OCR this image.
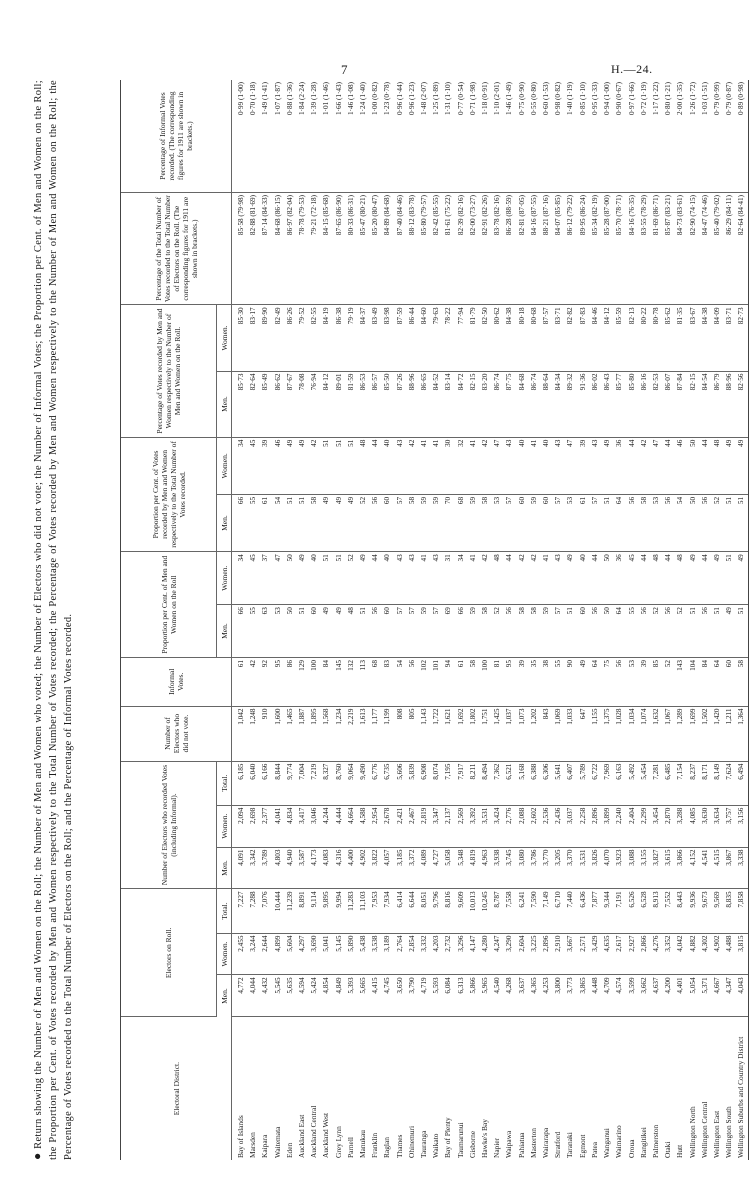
7	H.—24.
● Return showing the Number of Men and Women on the Roll; the Number of Men and Women who voted; the Number of Electors who did not vote; the Number of Informal Votes; the Proportion per Cent. of Men and Women on the Roll; the Proportion per Cent. of Votes recorded by Men and Women respectively to the Total Number of Votes recorded; the Percentage of Votes recorded by Men and Women respectively to the Number of Men and Women on the Roll; the Percentage of Votes recorded to the Total Number of Electors on the Roll; and the Percentage of Informal Votes recorded.	Electoral District.	Electors on Roll.			Number of Electors who recorded Votes (including Informal).			Number of Electors who did not vote.	Informal Votes.	Proportion per Cent. of Men and Women on the Roll		Proportion per Cent. of Votes recorded by Men and Women respectively to the Total Number of Votes recorded.		Percentage of Votes recorded by Men and Women respectively to the Number of Men and Women on the Roll.		Percentage of the Total Number of Votes recorded to the Total Number of Electors on the Roll. (The corresponding figures for 1911 are shown in brackets.)	Percentage of Informal Votes recorded. (The corresponding figures for 1911 are shown in brackets.)
	Men.	Women.	Total.	Men.	Women.	Total.			Men.	Women.	Men.	Women.	Men.	Women.		
Bay of Islands	4,772	2,455	7,227	4,091	2,094	6,185	1,042	61	66	34	66	34	85·73	85·30	85·58 (79·98)	0·99 (1·00)
Marsden	4,044	3,244	7,288	3,342	2,698	6,040	1,248	42	55	45	55	45	82·64	83·17	82·88 (81·69)	0·70 (1·18)
Kaipara	4,432	2,644	7,076	3,789	2,377	6,166	910	92	63	37	61	39	85·49	89·90	87·14 (84·33)	1·49 (1·41)
Waitemata	5,545	4,899	10,444	4,803	4,041	8,844	1,600	95	53	47	54	46	86·62	82·49	84·68 (86·15)	1·07 (1·87)
Eden	5,635	5,604	11,239	4,940	4,834	9,774	1,465	86	50	50	51	49	87·67	86·26	86·97 (82·04)	0·88 (1·36)
Auckland East	4,594	4,297	8,891	3,587	3,417	7,004	1,887	129	51	49	51	49	78·08	79·52	78·78 (79·53)	1·84 (2·24)
Auckland Central	5,424	3,690	9,114	4,173	3,046	7,219	1,895	100	60	40	58	42	76·94	82·55	79·21 (72·18)	1·39 (1·28)
Auckland West	4,854	5,041	9,895	4,083	4,244	8,327	1,568	84	49	51	49	51	84·12	84·19	84·15 (85·68)	1·01 (1·46)
Grey Lynn	4,849	5,145	9,994	4,316	4,444	8,760	1,234	145	49	51	49	51	89·01	86·38	87·65 (86·90)	1·66 (1·43)
Parnell	5,393	5,890	11,283	4,400	4,664	9,064	2,219	132	48	52	49	51	81·59	79·19	80·33 (86·31)	1·46 (1·08)
Manukau	5,665	5,438	11,103	4,902	4,588	9,490	1,613	113	51	49	52	48	86·53	84·37	85·47 (80·21)	1·24 (1·40)
Franklin	4,415	3,538	7,953	3,822	2,954	6,776	1,177	68	56	44	56	44	86·57	83·49	85·20 (80·47)	1·00 (0·82)
Raglan	4,745	3,189	7,934	4,057	2,678	6,735	1,199	83	60	40	60	40	85·50	83·98	84·89 (84·68)	1·23 (0·78)
Thames	3,650	2,764	6,414	3,185	2,421	5,606	808	54	57	43	57	43	87·26	87·59	87·40 (84·46)	0·96 (1·44)
Ohinemuri	3,790	2,854	6,644	3,372	2,467	5,839	805	56	57	43	58	42	88·96	86·44	88·12 (83·78)	0·96 (1·23)
Tauranga	4,719	3,332	8,051	4,089	2,819	6,908	1,143	102	59	41	59	41	86·65	84·60	85·80 (79·57)	1·48 (2·07)
Waikato	5,593	4,203	9,796	4,727	3,347	8,074	1,722	101	57	43	59	41	84·52	79·63	82·42 (85·55)	1·25 (1·89)
Bay of Plenty	6,084	2,732	8,816	5,058	2,137	7,195	1,621	94	69	31	70	30	83·14	78·22	81·61 (75·22)	1·31 (1·10)
Taumarunui	6,313	3,296	9,609	5,348	2,569	7,917	1,692	61	66	34	68	32	84·72	77·94	82·39 (82·16)	0·77 (0·54)
Gisborne	5,866	4,147	10,013	4,819	3,392	8,211	1,802	58	59	41	59	41	82·15	81·79	82·00 (73·27)	0·71 (1·98)
Hawke's Bay	5,965	4,280	10,245	4,963	3,531	8,494	1,751	100	58	42	58	42	83·20	82·50	82·91 (82·26)	1·18 (0·91)
Napier	4,540	4,247	8,787	3,938	3,424	7,362	1,425	81	52	48	53	47	86·74	80·62	83·78 (82·16)	1·10 (2·01)
Waipawa	4,268	3,290	7,558	3,745	2,776	6,521	1,037	95	56	44	57	43	87·75	84·38	86·28 (88·59)	1·46 (1·49)
Pahiatua	3,637	2,604	6,241	3,080	2,088	5,168	1,073	39	58	42	60	40	84·68	80·18	82·81 (87·05)	0·75 (0·90)
Masterton	4,365	3,225	7,590	3,786	2,602	6,388	1,202	35	58	42	59	41	86·74	80·68	84·16 (87·55)	0·55 (0·80)
Wairarapa	4,253	2,896	7,149	3,770	2,536	6,306	843	38	59	41	60	40	88·64	87·57	88·21 (87·16)	0·60 (1·53)
Stratford	3,800	2,910	6,710	3,205	2,436	5,641	1,069	55	57	43	57	43	84·34	83·71	84·07 (85·85)	0·98 (0·82)
Taranaki	3,773	3,667	7,440	3,370	3,037	6,407	1,033	90	51	49	53	47	89·32	82·82	86·12 (79·22)	1·40 (1·19)
Egmont	3,865	2,571	6,436	3,531	2,258	5,789	647	49	60	40	61	39	91·36	87·83	89·95 (86·24)	0·85 (1·10)
Patea	4,448	3,429	7,877	3,826	2,896	6,722	1,155	64	56	44	57	43	86·02	84·46	85·34 (82·19)	0·95 (1·33)
Wanganui	4,709	4,635	9,344	4,070	3,899	7,969	1,375	75	50	50	51	49	86·43	84·12	85·28 (87·00)	0·94 (1·00)
Waimarino	4,574	2,617	7,191	3,923	2,240	6,163	1,028	56	64	36	64	36	85·77	85·59	85·70 (78·71)	0·90 (0·67)
Oroua	3,599	2,927	6,526	3,088	2,404	5,492	1,034	53	55	45	56	44	85·80	82·13	84·16 (76·35)	0·97 (1·66)
Rangitikei	3,662	2,866	6,528	3,155	2,299	5,454	1,074	39	56	44	58	42	86·16	80·22	83·55 (78·29)	0·72 (1·19)
Palmerston	4,637	4,276	8,913	3,827	3,454	7,281	1,632	85	52	48	53	47	82·53	80·78	81·69 (86·71)	1·17 (1·22)
Otaki	4,200	3,352	7,552	3,615	2,870	6,485	1,067	52	56	44	56	44	86·07	85·62	85·87 (83·21)	0·80 (1·21)
Hutt	4,401	4,042	8,443	3,866	3,288	7,154	1,289	143	52	48	54	46	87·84	81·35	84·73 (83·61)	2·00 (1·35)
Wellington North	5,054	4,882	9,936	4,152	4,085	8,237	1,699	104	51	49	50	50	82·15	83·67	82·90 (74·15)	1·26 (1·72)
Wellington Central	5,371	4,302	9,673	4,541	3,630	8,171	1,502	84	56	44	56	44	84·54	84·38	84·47 (74·46)	1·03 (1·51)
Wellington East	4,667	4,902	9,569	4,515	3,634	8,149	1,420	64	51	49	52	48	86·79	84·09	85·40 (79·02)	0·79 (0·99)
Wellington South	4,347	4,488	8,835	3,867	3,757	7,624	1,211	60	49	51	51	49	88·96	83·71	86·29 (84·11)	0·79 (0·87)
Wellington Suburbs and Country District	4,043	3,815	7,858	3,338	3,156	6,494	1,364	58	51	49	51	49	82·56	82·73	82·64 (84·41)	0·89 (0·98)
